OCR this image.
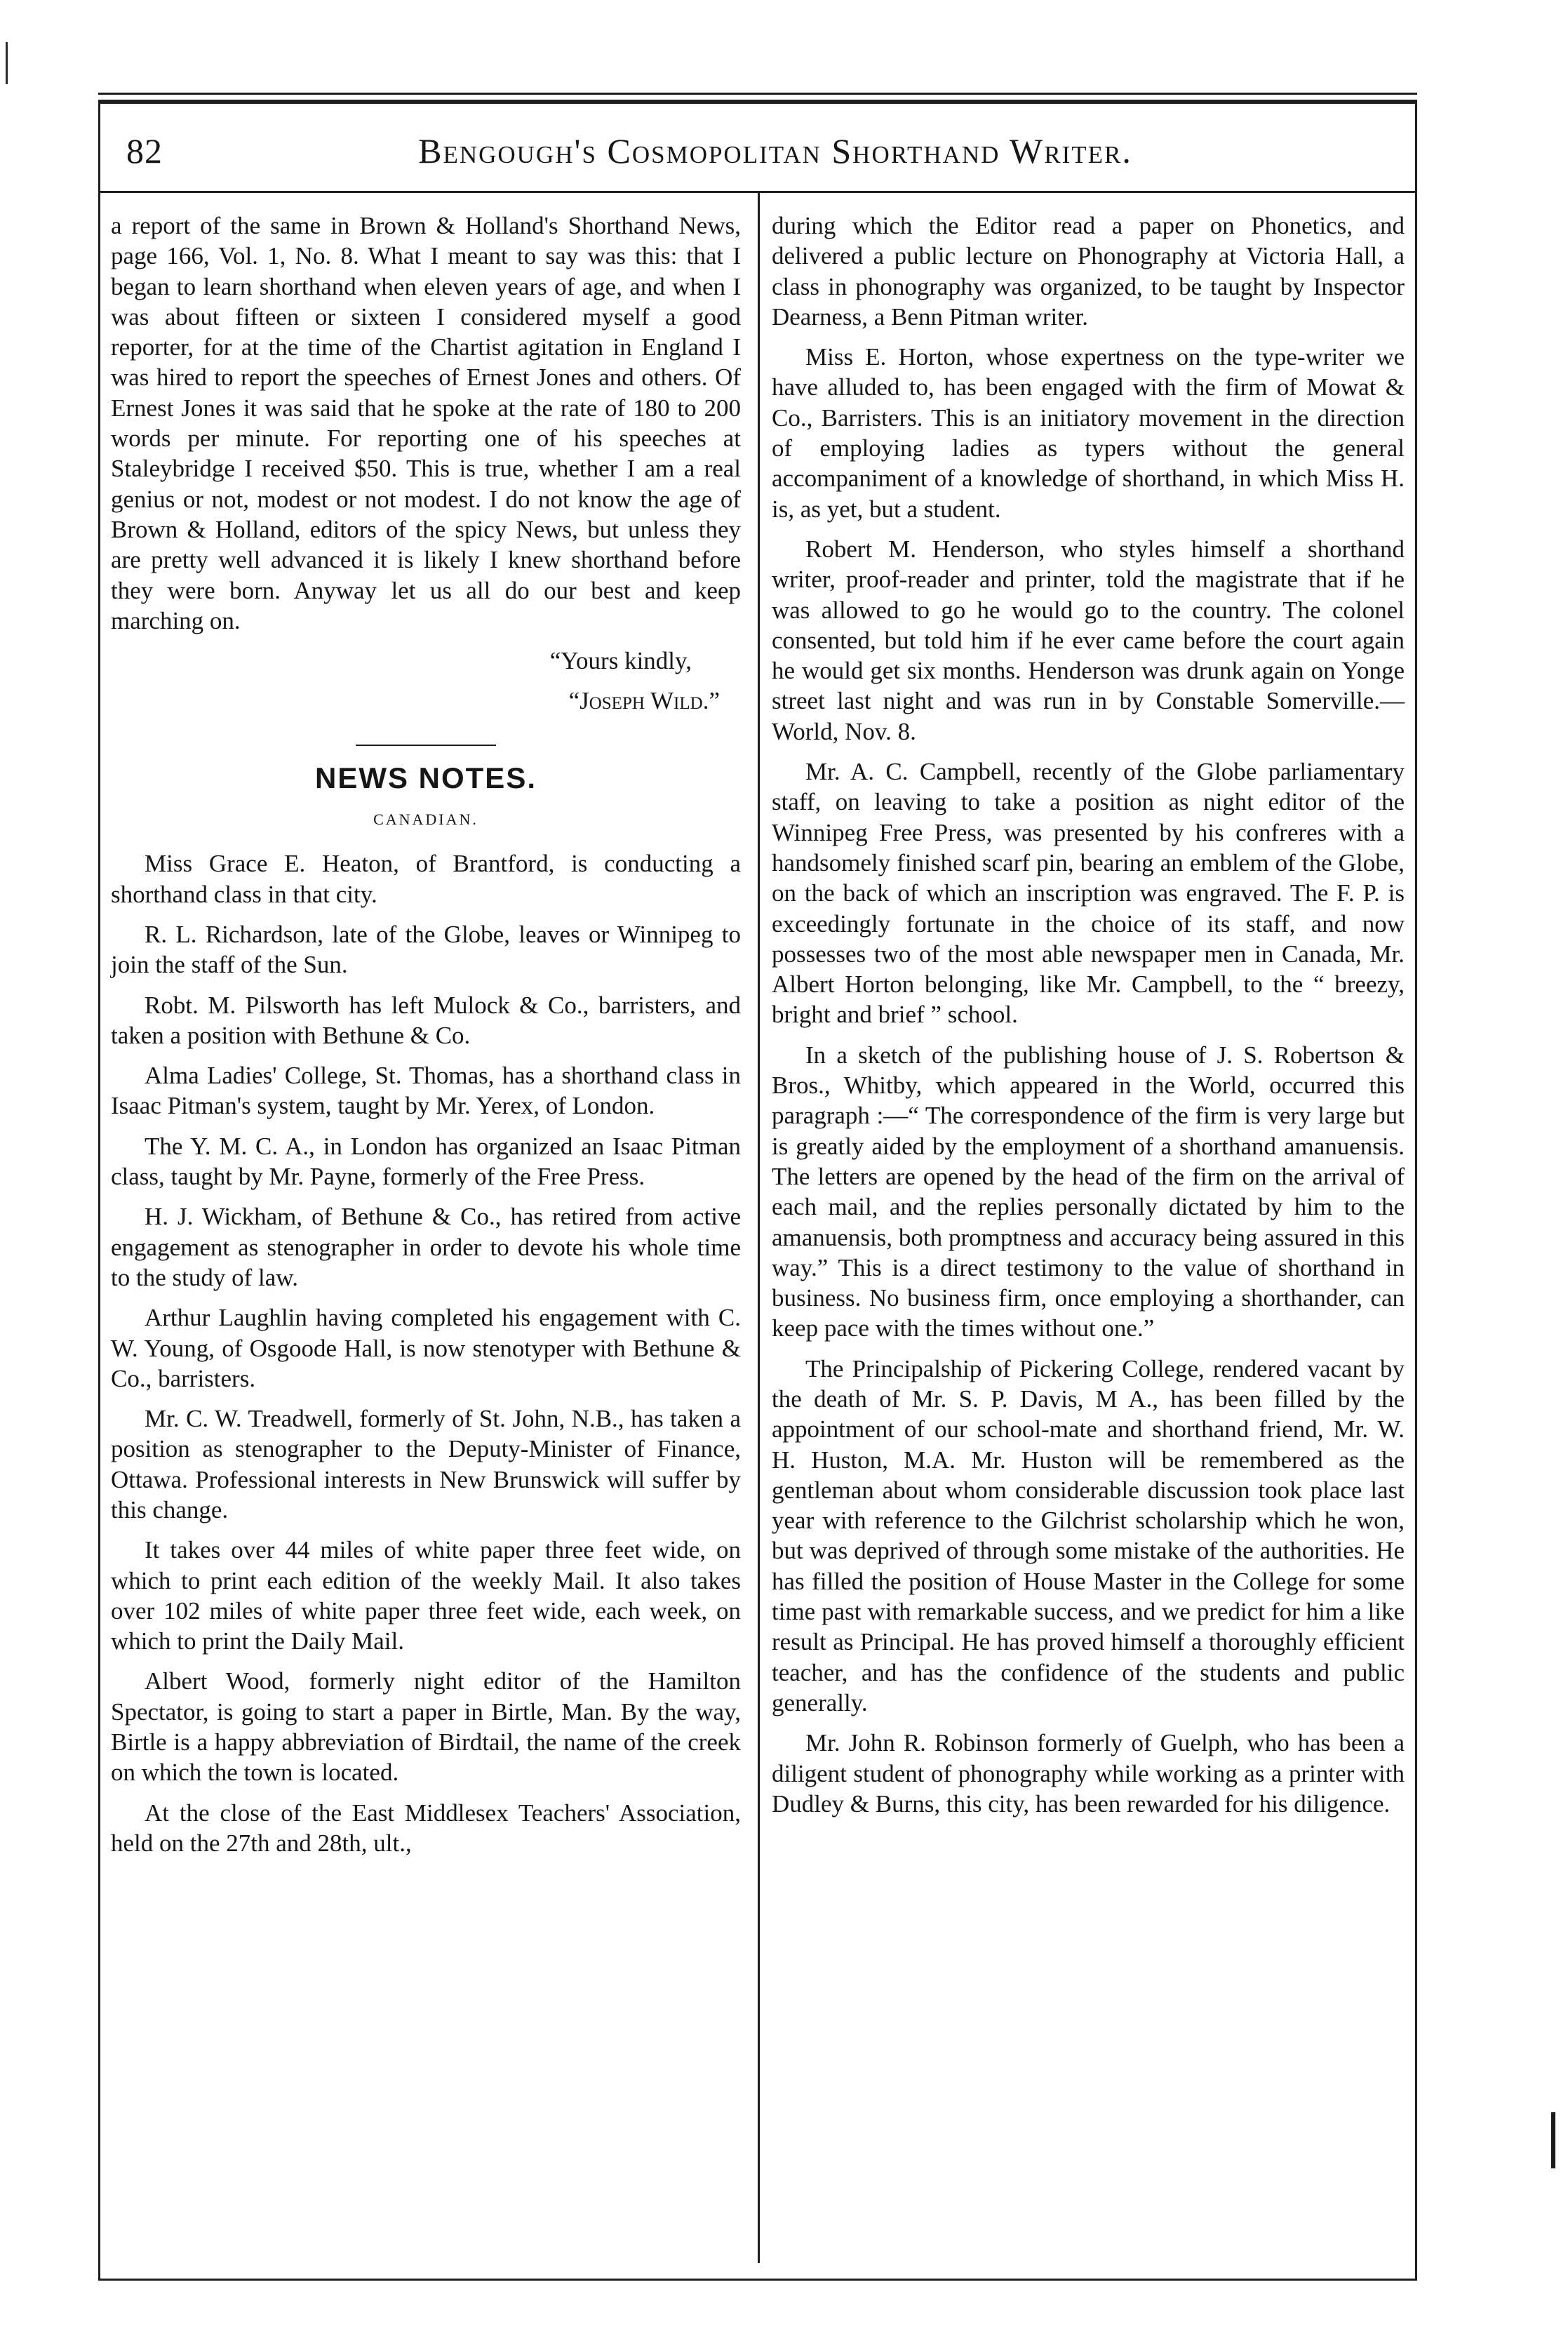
82	Bengough's Cosmopolitan Shorthand Writer.

a report of the same in Brown & Holland's Shorthand News, page 166, Vol. 1, No. 8. What I meant to say was this: that I began to learn shorthand when eleven years of age, and when I was about fifteen or sixteen I considered myself a good reporter, for at the time of the Chartist agitation in England I was hired to report the speeches of Ernest Jones and others. Of Ernest Jones it was said that he spoke at the rate of 180 to 200 words per minute. For reporting one of his speeches at Staleybridge I received $50. This is true, whether I am a real genius or not, modest or not modest. I do not know the age of Brown & Holland, editors of the spicy News, but unless they are pretty well advanced it is likely I knew shorthand before they were born. Anyway let us all do our best and keep marching on.

“Yours kindly,

“Joseph Wild.”

NEWS NOTES.
CANADIAN.

Miss Grace E. Heaton, of Brantford, is conducting a shorthand class in that city.

R. L. Richardson, late of the Globe, leaves or Winnipeg to join the staff of the Sun.

Robt. M. Pilsworth has left Mulock & Co., barristers, and taken a position with Bethune & Co.

Alma Ladies' College, St. Thomas, has a shorthand class in Isaac Pitman's system, taught by Mr. Yerex, of London.

The Y. M. C. A., in London has organized an Isaac Pitman class, taught by Mr. Payne, formerly of the Free Press.

H. J. Wickham, of Bethune & Co., has retired from active engagement as stenographer in order to devote his whole time to the study of law.

Arthur Laughlin having completed his engagement with C. W. Young, of Osgoode Hall, is now stenotyper with Bethune & Co., barristers.

Mr. C. W. Treadwell, formerly of St. John, N.B., has taken a position as stenographer to the Deputy-Minister of Finance, Ottawa. Professional interests in New Brunswick will suffer by this change.

It takes over 44 miles of white paper three feet wide, on which to print each edition of the weekly Mail. It also takes over 102 miles of white paper three feet wide, each week, on which to print the Daily Mail.

Albert Wood, formerly night editor of the Hamilton Spectator, is going to start a paper in Birtle, Man. By the way, Birtle is a happy abbreviation of Birdtail, the name of the creek on which the town is located.

At the close of the East Middlesex Teachers' Association, held on the 27th and 28th, ult.,

during which the Editor read a paper on Phonetics, and delivered a public lecture on Phonography at Victoria Hall, a class in phonography was organized, to be taught by Inspector Dearness, a Benn Pitman writer.

Miss E. Horton, whose expertness on the type-writer we have alluded to, has been engaged with the firm of Mowat & Co., Barristers. This is an initiatory movement in the direction of employing ladies as typers without the general accompaniment of a knowledge of shorthand, in which Miss H. is, as yet, but a student.

Robert M. Henderson, who styles himself a shorthand writer, proof-reader and printer, told the magistrate that if he was allowed to go he would go to the country. The colonel consented, but told him if he ever came before the court again he would get six months. Henderson was drunk again on Yonge street last night and was run in by Constable Somerville.— World, Nov. 8.

Mr. A. C. Campbell, recently of the Globe parliamentary staff, on leaving to take a position as night editor of the Winnipeg Free Press, was presented by his confreres with a handsomely finished scarf pin, bearing an emblem of the Globe, on the back of which an inscription was engraved. The F. P. is exceedingly fortunate in the choice of its staff, and now possesses two of the most able newspaper men in Canada, Mr. Albert Horton belonging, like Mr. Campbell, to the “ breezy, bright and brief ” school.

In a sketch of the publishing house of J. S. Robertson & Bros., Whitby, which appeared in the World, occurred this paragraph :—“ The correspondence of the firm is very large but is greatly aided by the employment of a shorthand amanuensis. The letters are opened by the head of the firm on the arrival of each mail, and the replies personally dictated by him to the amanuensis, both promptness and accuracy being assured in this way.” This is a direct testimony to the value of shorthand in business. No business firm, once employing a shorthander, can keep pace with the times without one.”

The Principalship of Pickering College, rendered vacant by the death of Mr. S. P. Davis, M A., has been filled by the appointment of our school-mate and shorthand friend, Mr. W. H. Huston, M.A. Mr. Huston will be remembered as the gentleman about whom considerable discussion took place last year with reference to the Gilchrist scholarship which he won, but was deprived of through some mistake of the authorities. He has filled the position of House Master in the College for some time past with remarkable success, and we predict for him a like result as Principal. He has proved himself a thoroughly efficient teacher, and has the confidence of the students and public generally.

Mr. John R. Robinson formerly of Guelph, who has been a diligent student of phonography while working as a printer with Dudley & Burns, this city, has been rewarded for his diligence.
